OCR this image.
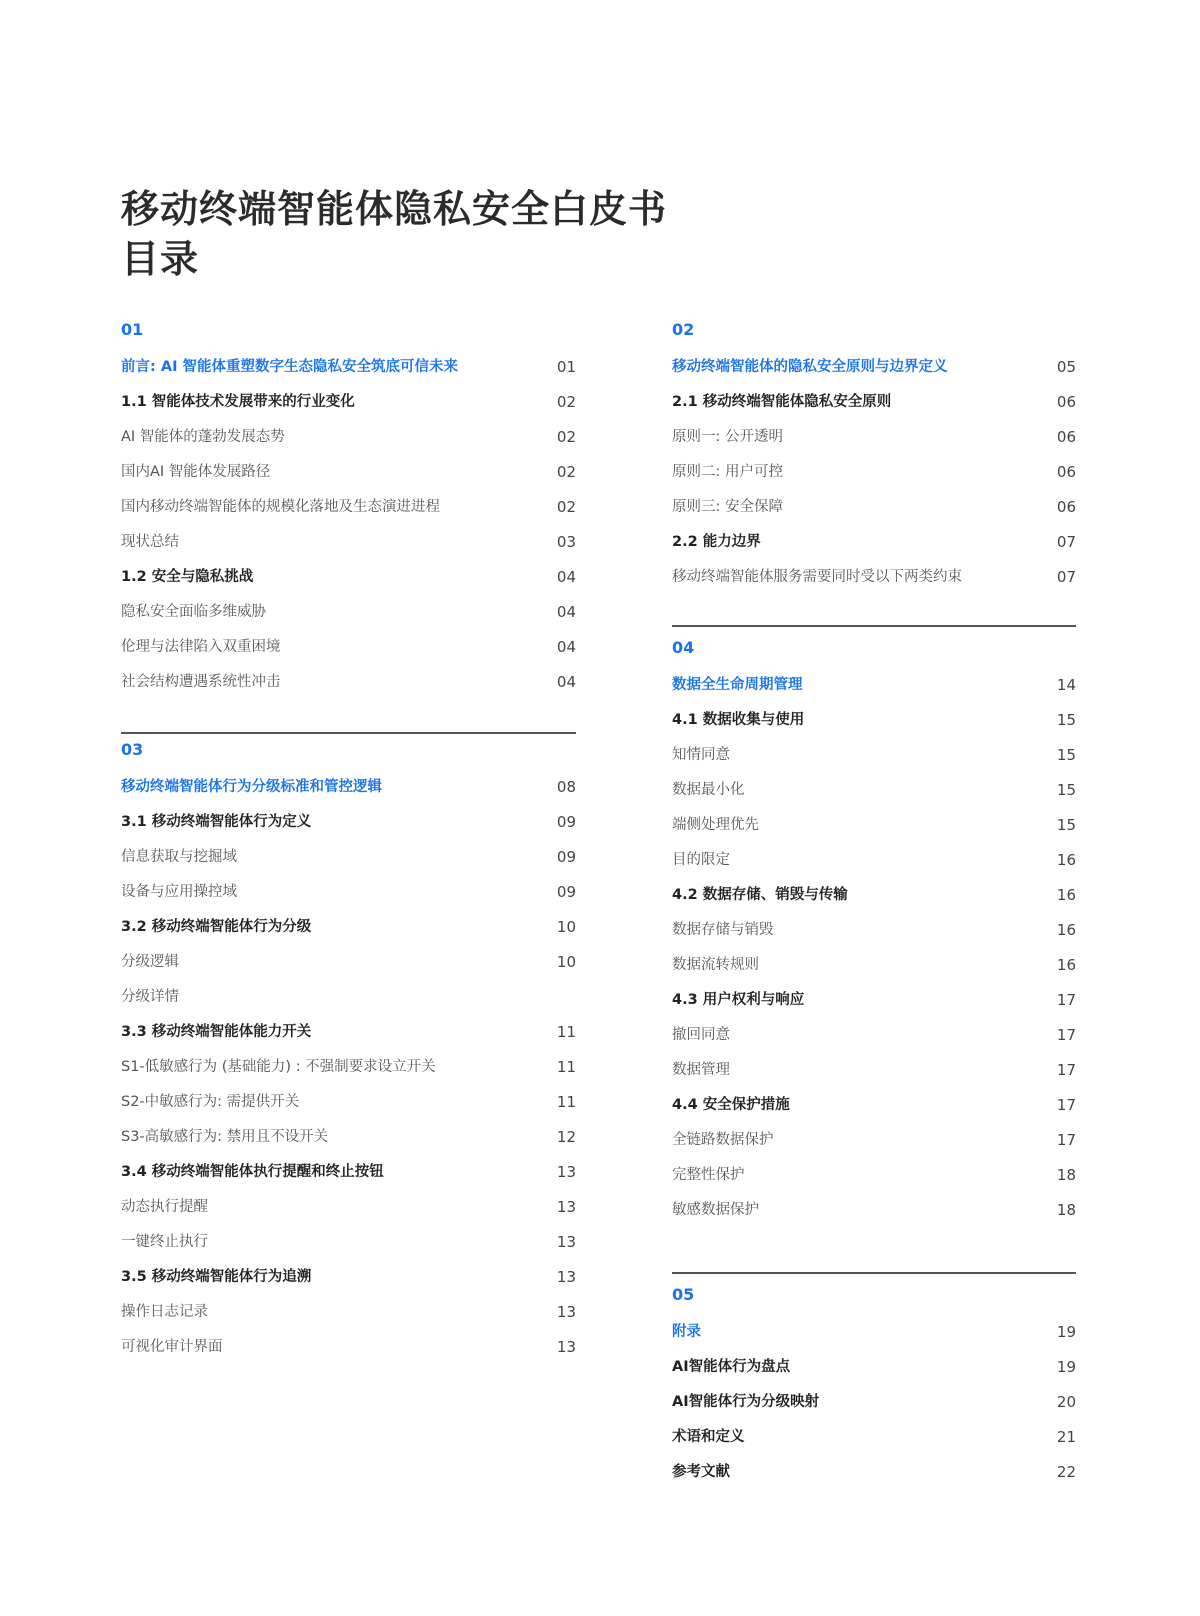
移动终端智能体隐私安全白皮书
目录
01
前言: AI 智能体重塑数字生态隐私安全筑底可信未来	01
1.1 智能体技术发展带来的行业变化	02
AI 智能体的蓬勃发展态势	02
国内AI 智能体发展路径	02
国内移动终端智能体的规模化落地及生态演进进程	02
现状总结	03
1.2 安全与隐私挑战	04
隐私安全面临多维威胁	04
伦理与法律陷入双重困境	04
社会结构遭遇系统性冲击	04
03
移动终端智能体行为分级标准和管控逻辑	08
3.1 移动终端智能体行为定义	09
信息获取与挖掘域	09
设备与应用操控域	09
3.2 移动终端智能体行为分级	10
分级逻辑	10
分级详情
3.3 移动终端智能体能力开关	11
S1-低敏感行为 (基础能力) : 不强制要求设立开关	11
S2-中敏感行为: 需提供开关	11
S3-高敏感行为: 禁用且不设开关	12
3.4 移动终端智能体执行提醒和终止按钮	13
动态执行提醒	13
一键终止执行	13
3.5 移动终端智能体行为追溯	13
操作日志记录	13
可视化审计界面	13
02
移动终端智能体的隐私安全原则与边界定义	05
2.1 移动终端智能体隐私安全原则	06
原则一: 公开透明	06
原则二: 用户可控	06
原则三: 安全保障	06
2.2 能力边界	07
移动终端智能体服务需要同时受以下两类约束	07
04
数据全生命周期管理	14
4.1 数据收集与使用	15
知情同意	15
数据最小化	15
端侧处理优先	15
目的限定	16
4.2 数据存储、销毁与传输	16
数据存储与销毁	16
数据流转规则	16
4.3 用户权利与响应	17
撤回同意	17
数据管理	17
4.4 安全保护措施	17
全链路数据保护	17
完整性保护	18
敏感数据保护	18
05
附录	19
AI智能体行为盘点	19
AI智能体行为分级映射	20
术语和定义	21
参考文献	22
